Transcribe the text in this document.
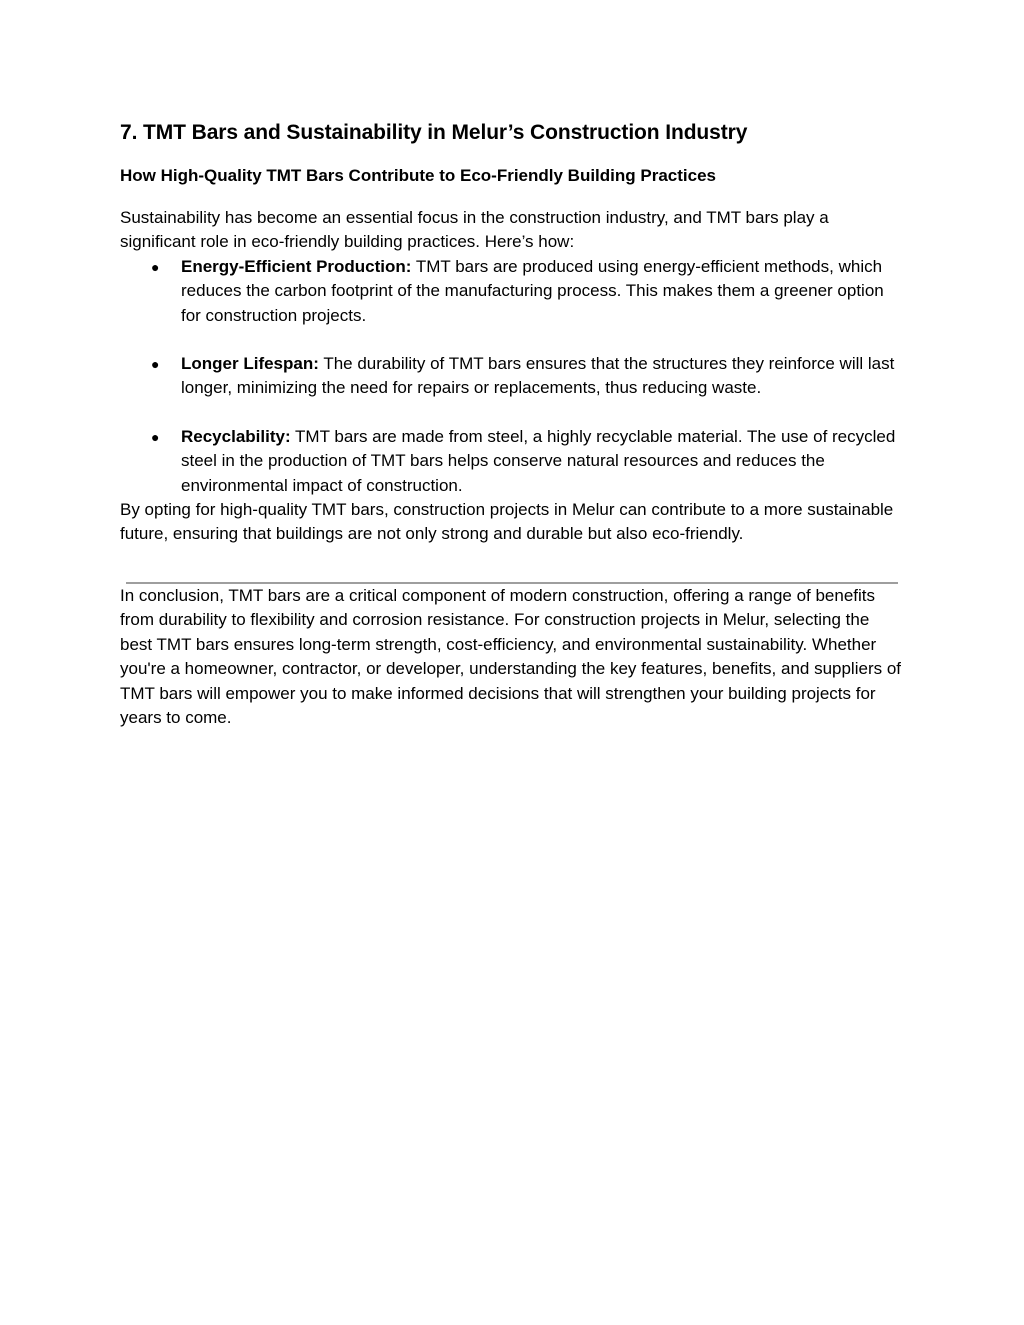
7. TMT Bars and Sustainability in Melur’s Construction Industry
How High-Quality TMT Bars Contribute to Eco-Friendly Building Practices

Sustainability has become an essential focus in the construction industry, and TMT bars play a significant role in eco-friendly building practices. Here’s how:

● Energy-Efficient Production: TMT bars are produced using energy-efficient methods, which reduces the carbon footprint of the manufacturing process. This makes them a greener option for construction projects.
● Longer Lifespan: The durability of TMT bars ensures that the structures they reinforce will last longer, minimizing the need for repairs or replacements, thus reducing waste.
● Recyclability: TMT bars are made from steel, a highly recyclable material. The use of recycled steel in the production of TMT bars helps conserve natural resources and reduces the environmental impact of construction.

By opting for high-quality TMT bars, construction projects in Melur can contribute to a more sustainable future, ensuring that buildings are not only strong and durable but also eco-friendly.

In conclusion, TMT bars are a critical component of modern construction, offering a range of benefits from durability to flexibility and corrosion resistance. For construction projects in Melur, selecting the best TMT bars ensures long-term strength, cost-efficiency, and environmental sustainability. Whether you're a homeowner, contractor, or developer, understanding the key features, benefits, and suppliers of TMT bars will empower you to make informed decisions that will strengthen your building projects for years to come.
